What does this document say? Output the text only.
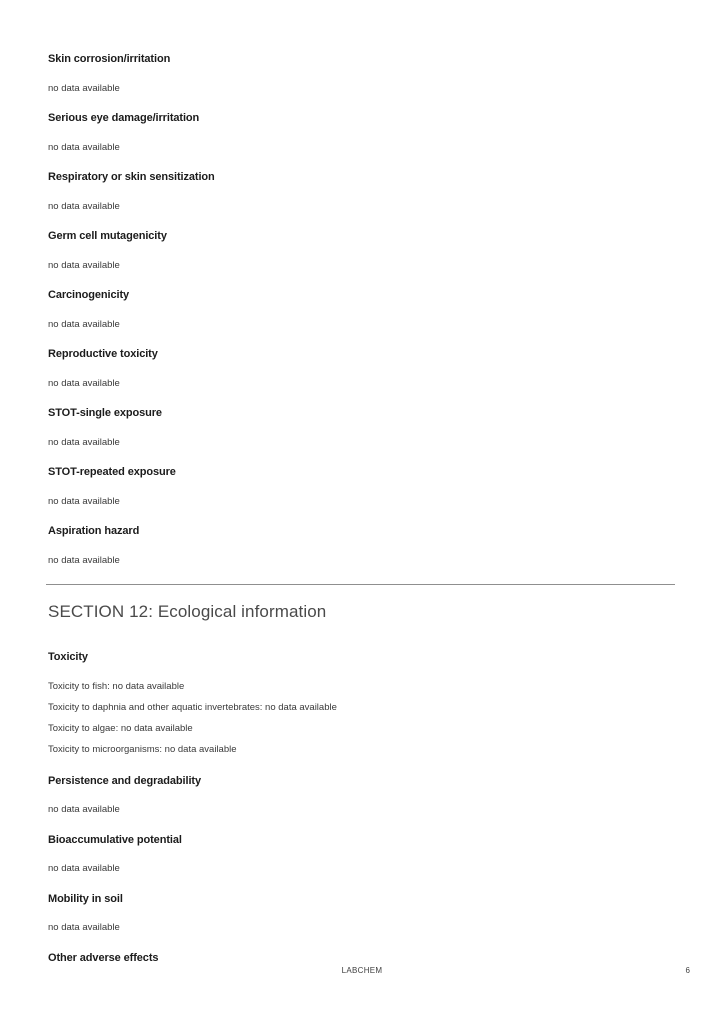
Skin corrosion/irritation
no data available
Serious eye damage/irritation
no data available
Respiratory or skin sensitization
no data available
Germ cell mutagenicity
no data available
Carcinogenicity
no data available
Reproductive toxicity
no data available
STOT-single exposure
no data available
STOT-repeated exposure
no data available
Aspiration hazard
no data available
SECTION 12: Ecological information
Toxicity
Toxicity to fish: no data available
Toxicity to daphnia and other aquatic invertebrates: no data available
Toxicity to algae: no data available
Toxicity to microorganisms: no data available
Persistence and degradability
no data available
Bioaccumulative potential
no data available
Mobility in soil
no data available
Other adverse effects
LABCHEM	6
